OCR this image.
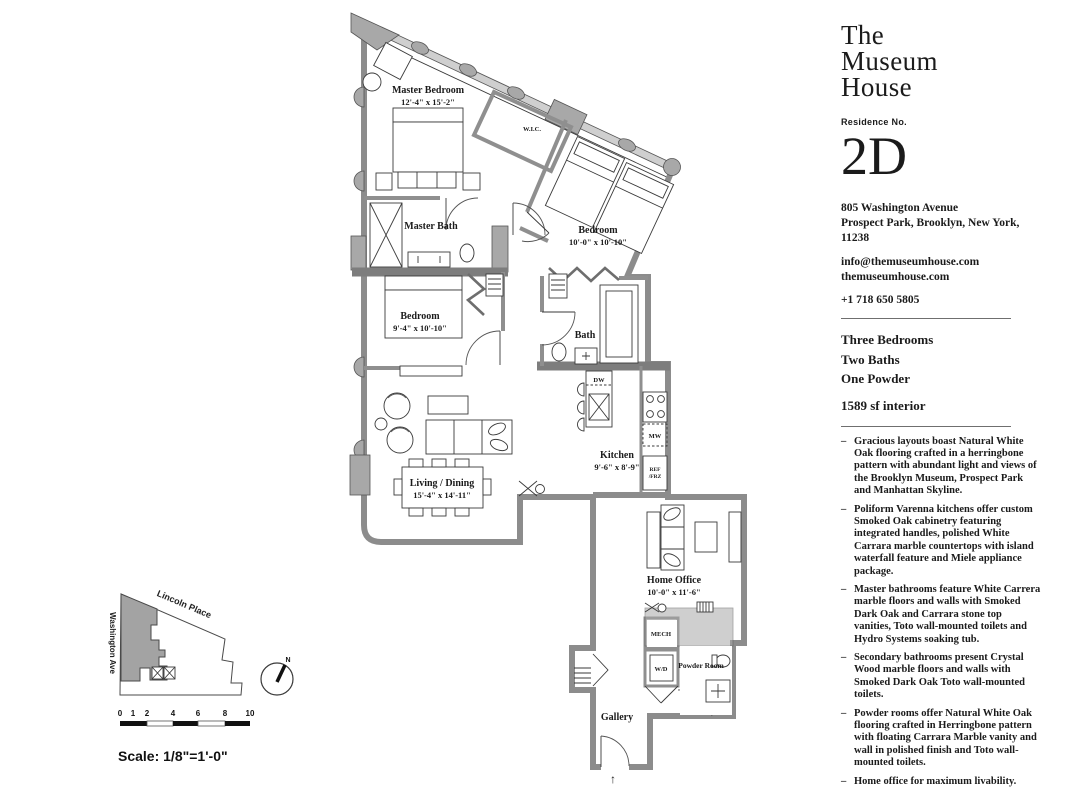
↑
Master Bedroom
12'-4" x 15'-2"
W.I.C.
Bedroom
10'-0" x 10'-10"
Master Bath
Bedroom
9'-4" x 10'-10"
Bath
Kitchen
9'-6" x 8'-9"
Living / Dining
15'-4" x 14'-11"
Home Office
10'-0" x 11'-6"
MECH
W/D Powder Room
Gallery
DW
MW
REF
/FRZ
Lincoln Place
Washington Ave	N
0 1 2	4	6	8 10
Scale: 1/8"=1'-0"
The Museum House
Residence No.
2D
805 Washington Avenue
Prospect Park, Brooklyn, New York, 11238
info@themuseumhouse.com
themuseumhouse.com
+1 718 650 5805
Three Bedrooms
Two Baths
One Powder
1589 sf interior
– Gracious layouts boast Natural White Oak flooring crafted in a herringbone pattern with abundant light and views of the Brooklyn Museum, Prospect Park and Manhattan Skyline.
– Poliform Varenna kitchens offer custom Smoked Oak cabinetry featuring integrated handles, polished White Carrara marble countertops with island waterfall feature and Miele appliance package.
– Master bathrooms feature White Carrera marble floors and walls with Smoked Dark Oak and Carrara stone top vanities, Toto wall-mounted toilets and Hydro Systems soaking tub.
– Secondary bathrooms present Crystal Wood marble floors and walls with Smoked Dark Oak Toto wall-mounted toilets.
– Powder rooms offer Natural White Oak flooring crafted in Herringbone pattern with floating Carrara Marble vanity and wall in polished finish and Toto wall-mounted toilets.
– Home office for maximum livability.
